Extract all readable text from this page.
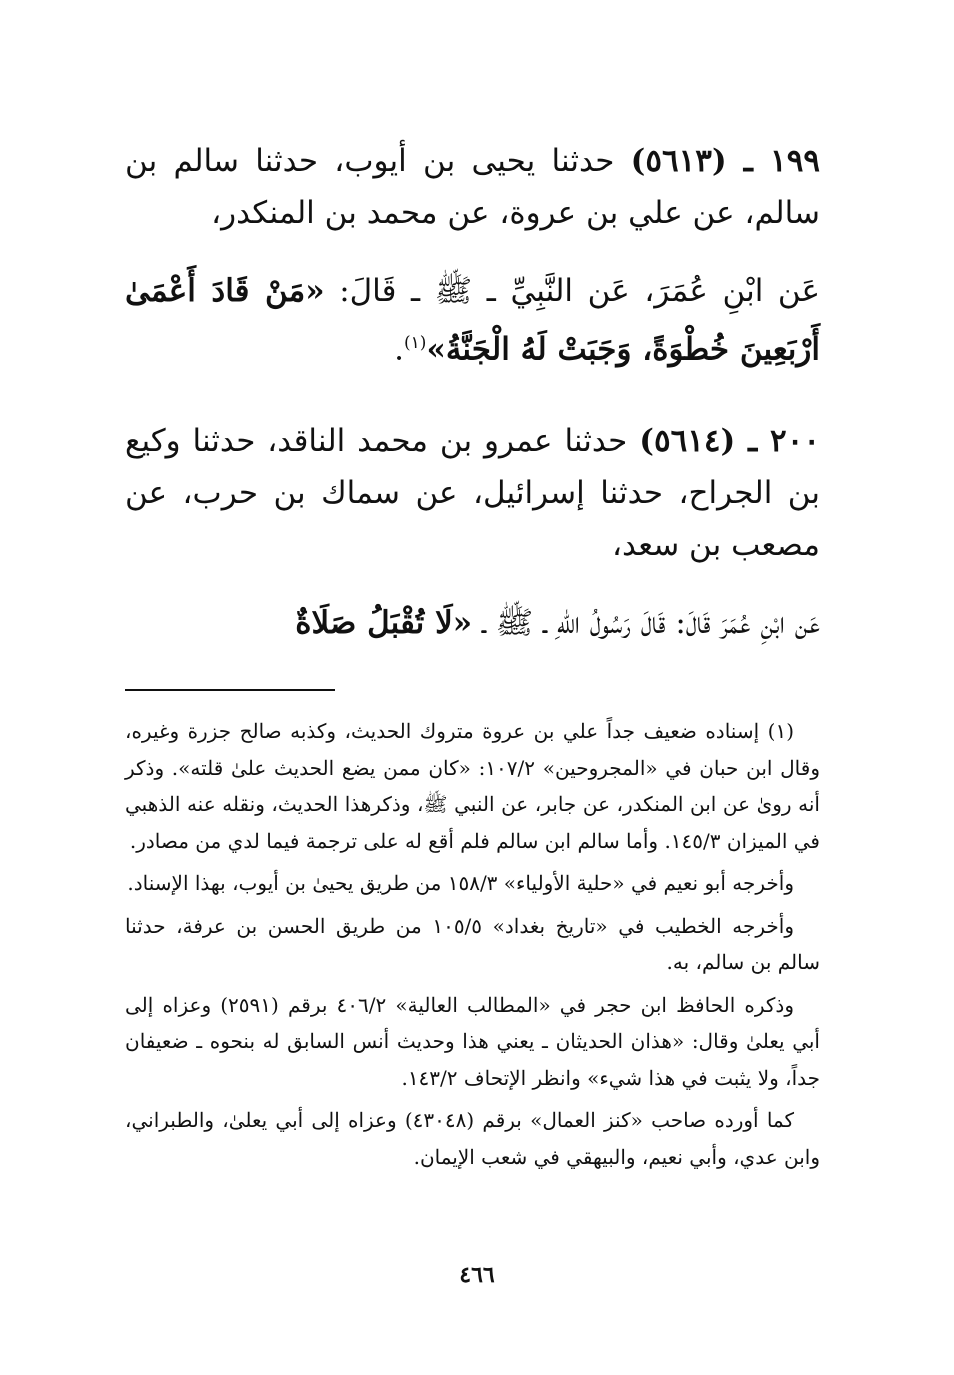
١٩٩ ـ (٥٦١٣) حدثنا يحيى بن أيوب، حدثنا سالم بن سالم، عن علي بن عروة، عن محمد بن المنكدر،

عَن ابْنِ عُمَرَ، عَن النَّبِيِّ ـ ﷺ ـ قَالَ: «مَنْ قَادَ أَعْمَىٰ أَرْبَعِينَ خُطْوَةً، وَجَبَتْ لَهُ الْجَنَّةُ»$^{(١)}$.

٢٠٠ ـ (٥٦١٤) حدثنا عمرو بن محمد الناقد، حدثنا وكيع بن الجراح، حدثنا إسرائيل، عن سماك بن حرب، عن مصعب بن سعد،

عَن ابْنِ عُمَرَ قَالَ: قَالَ رَسُولُ اللهِ ـ ﷺ ـ «لَا تُقْبَلُ صَلَاةٌ

(١) إسناده ضعيف جداً علي بن عروة متروك الحديث، وكذبه صالح جزرة وغيره، وقال ابن حبان في «المجروحين» ١٠٧/٢: «كان ممن يضع الحديث علىٰ قلته». وذكر أنه روىٰ عن ابن المنكدر، عن جابر، عن النبي ﷺ، وذكرهذا الحديث، ونقله عنه الذهبي في الميزان ١٤٥/٣. وأما سالم ابن سالم فلم أقع له على ترجمة فيما لدي من مصادر.

وأخرجه أبو نعيم في «حلية الأولياء» ١٥٨/٣ من طريق يحيىٰ بن أيوب، بهذا الإسناد.

وأخرجه الخطيب في «تاريخ بغداد» ١٠٥/٥ من طريق الحسن بن عرفة، حدثنا سالم بن سالم، به.

وذكره الحافظ ابن حجر في «المطالب العالية» ٤٠٦/٢ برقم (٢٥٩١) وعزاه إلى أبي يعلىٰ وقال: «هذان الحديثان ـ يعني هذا وحديث أنس السابق له بنحوه ـ ضعيفان جداً، ولا يثبت في هذا شيء» وانظر الإتحاف ١٤٣/٢.

كما أورده صاحب «كنز العمال» برقم (٤٣٠٤٨) وعزاه إلى أبي يعلىٰ، والطبراني، وابن عدي، وأبي نعيم، والبيهقي في شعب الإيمان.

٤٦٦
